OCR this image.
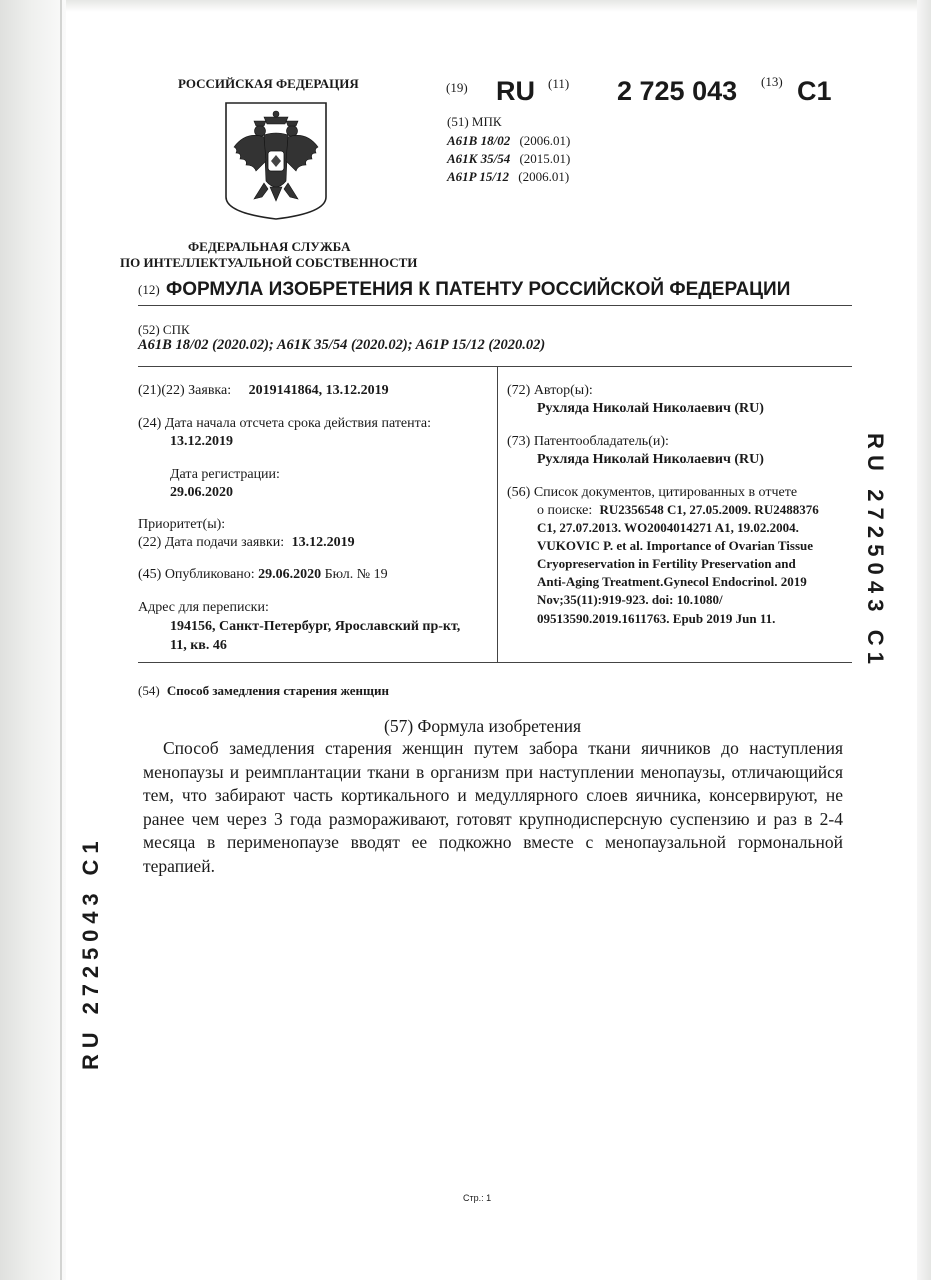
РОССИЙСКАЯ ФЕДЕРАЦИЯ
ФЕДЕРАЛЬНАЯ СЛУЖБА
ПО ИНТЕЛЛЕКТУАЛЬНОЙ СОБСТВЕННОСТИ
(19) RU (11) 2 725 043 (13) C1
(51) МПК
A61B 18/02 (2006.01)
A61K 35/54 (2015.01)
A61P 15/12 (2006.01)
(12) ФОРМУЛА ИЗОБРЕТЕНИЯ К ПАТЕНТУ РОССИЙСКОЙ ФЕДЕРАЦИИ
(52) СПК
A61B 18/02 (2020.02); A61K 35/54 (2020.02); A61P 15/12 (2020.02)
(21)(22) Заявка: 2019141864, 13.12.2019
(24) Дата начала отсчета срока действия патента:
13.12.2019
Дата регистрации:
29.06.2020
Приоритет(ы):
(22) Дата подачи заявки: 13.12.2019
(45) Опубликовано: 29.06.2020 Бюл. № 19
Адрес для переписки:
194156, Санкт-Петербург, Ярославский пр-кт,
11, кв. 46
(72) Автор(ы):
Рухляда Николай Николаевич (RU)
(73) Патентообладатель(и):
Рухляда Николай Николаевич (RU)
(56) Список документов, цитированных в отчете
о поиске: RU2356548 C1, 27.05.2009. RU2488376
C1, 27.07.2013. WO2004014271 A1, 19.02.2004.
VUKOVIC P. et al. Importance of Ovarian Tissue
Cryopreservation in Fertility Preservation and
Anti-Aging Treatment.Gynecol Endocrinol. 2019
Nov;35(11):919-923. doi: 10.1080/
09513590.2019.1611763. Epub 2019 Jun 11.
(54) Способ замедления старения женщин
(57) Формула изобретения

Способ замедления старения женщин путем забора ткани яичников до наступления менопаузы и реимплантации ткани в организм при наступлении менопаузы, отличающийся тем, что забирают часть кортикального и медуллярного слоев яичника, консервируют, не ранее чем через 3 года размораживают, готовят крупнодисперсную суспензию и раз в 2-4 месяца в перименопаузе вводят ее подкожно вместе с менопаузальной гормональной терапией.

RU 2725043 C1
RU 2725043 C1
Стр.: 1
